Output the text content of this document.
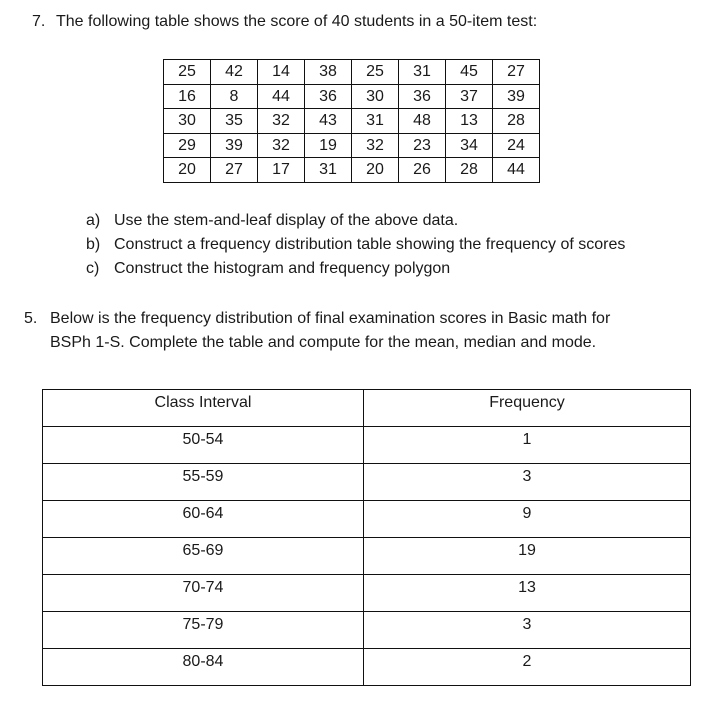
7. The following table shows the score of 40 students in a 50-item test:
25	42	14	38	25	31	45	27
16	8	44	36	30	36	37	39
30	35	32	43	31	48	13	28
29	39	32	19	32	23	34	24
20	27	17	31	20	26	28	44
a) Use the stem-and-leaf display of the above data.
b) Construct a frequency distribution table showing the frequency of scores
c) Construct the histogram and frequency polygon
5. Below is the frequency distribution of final examination scores in Basic math for
BSPh 1-S. Complete the table and compute for the mean, median and mode.
Class Interval	Frequency
50-54	1
55-59	3
60-64	9
65-69	19
70-74	13
75-79	3
80-84	2
